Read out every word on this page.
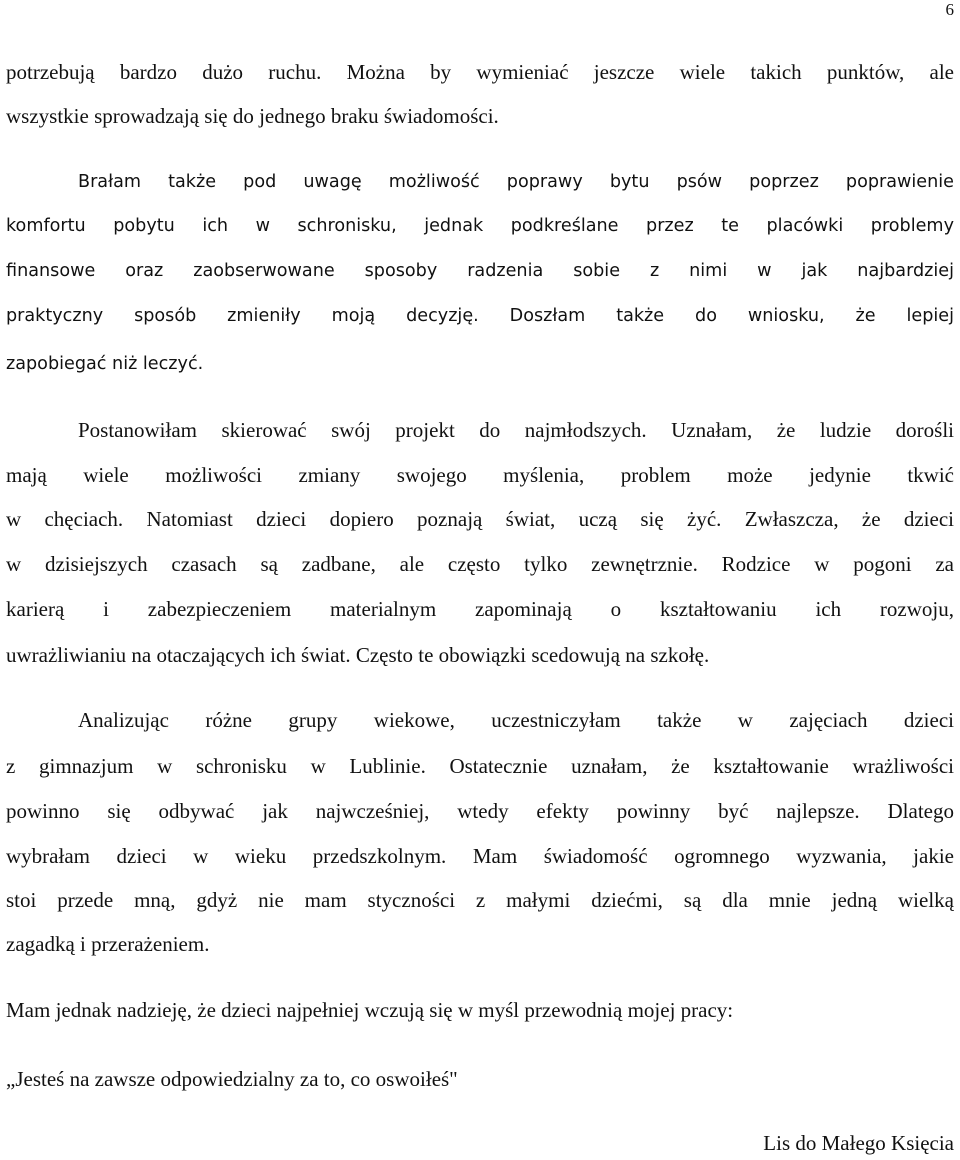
6
potrzebują bardzo dużo ruchu. Można by wymieniać jeszcze wiele takich punktów, ale
wszystkie sprowadzają się do jednego braku świadomości.
Brałam także pod uwagę możliwość poprawy bytu psów poprzez poprawienie
komfortu pobytu ich w schronisku, jednak podkreślane przez te placówki problemy
finansowe oraz zaobserwowane sposoby radzenia sobie z nimi w jak najbardziej
praktyczny sposób zmieniły moją decyzję. Doszłam także do wniosku, że lepiej
zapobiegać niż leczyć.
Postanowiłam skierować swój projekt do najmłodszych. Uznałam, że ludzie dorośli
mają wiele możliwości zmiany swojego myślenia, problem może jedynie tkwić
w chęciach. Natomiast dzieci dopiero poznają świat, uczą się żyć. Zwłaszcza, że dzieci
w dzisiejszych czasach są zadbane, ale często tylko zewnętrznie. Rodzice w pogoni za
karierą i zabezpieczeniem materialnym zapominają o kształtowaniu ich rozwoju,
uwrażliwianiu na otaczających ich świat. Często te obowiązki scedowują na szkołę.
Analizując różne grupy wiekowe, uczestniczyłam także w zajęciach dzieci
z gimnazjum w schronisku w Lublinie. Ostatecznie uznałam, że kształtowanie wrażliwości
powinno się odbywać jak najwcześniej, wtedy efekty powinny być najlepsze. Dlatego
wybrałam dzieci w wieku przedszkolnym. Mam świadomość ogromnego wyzwania, jakie
stoi przede mną, gdyż nie mam styczności z małymi dziećmi, są dla mnie jedną wielką
zagadką i przerażeniem.
Mam jednak nadzieję, że dzieci najpełniej wczują się w myśl przewodnią mojej pracy:
„Jesteś na zawsze odpowiedzialny za to, co oswoiłeś"
Lis do Małego Księcia
